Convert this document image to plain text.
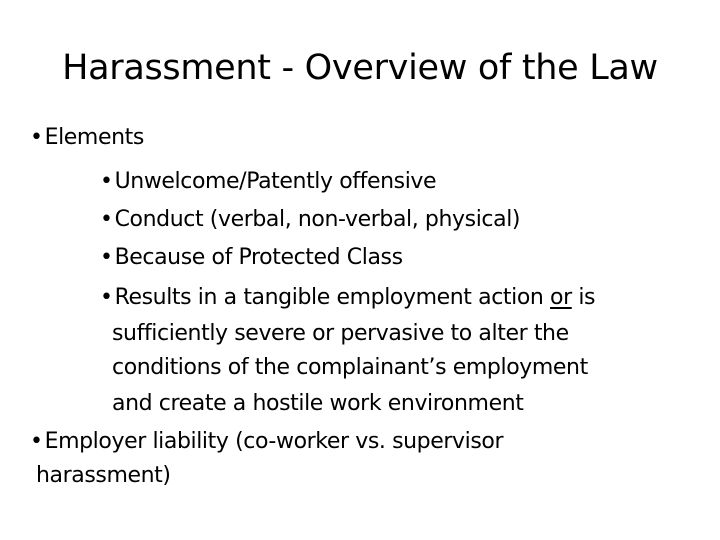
Harassment - Overview of the Law
•Elements
•Unwelcome/Patently offensive
•Conduct (verbal, non-verbal, physical)
•Because of Protected Class
•Results in a tangible employment action or is
sufficiently severe or pervasive to alter the
conditions of the complainant’s employment
and create a hostile work environment
•Employer liability (co-worker vs. supervisor
harassment)
